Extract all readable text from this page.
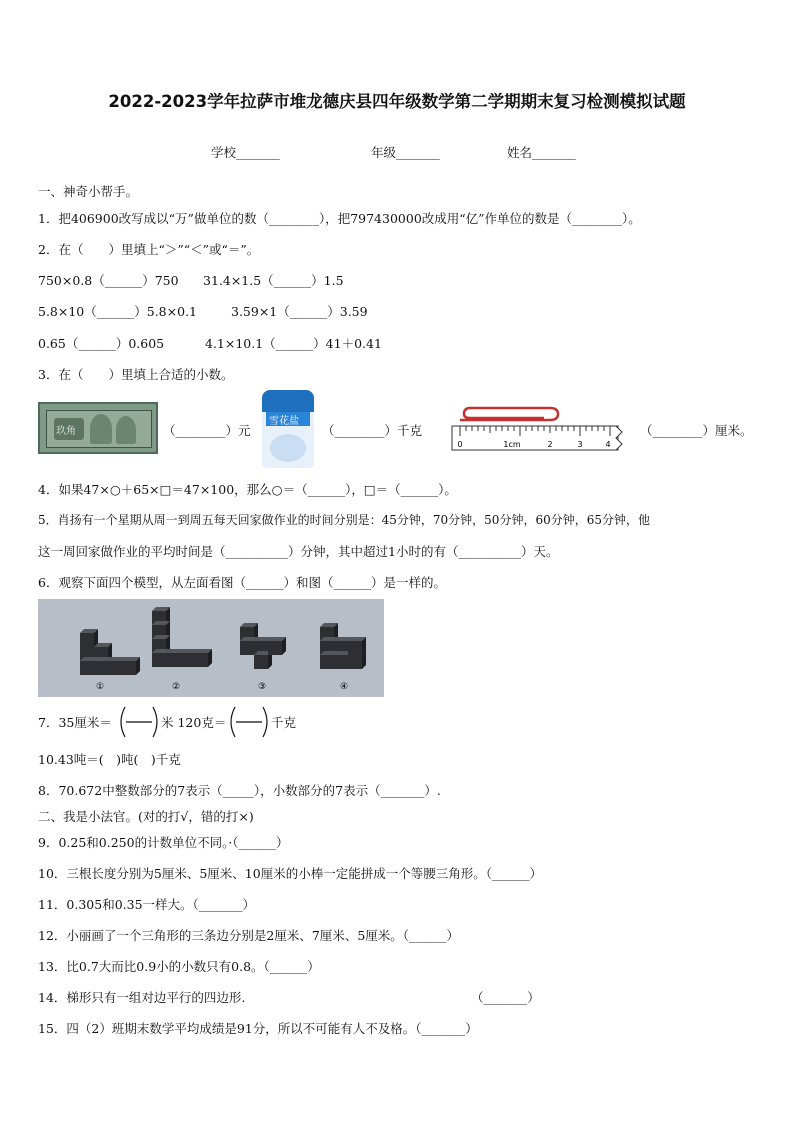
2022-2023学年拉萨市堆龙德庆县四年级数学第二学期期末复习检测模拟试题
学校_______	年级_______	姓名_______
一、神奇小帮手。
1．把406900改写成以“万”做单位的数（________），把797430000改成用“亿”作单位的数是（________）。
2．在（　　）里填上“＞”“＜”或“＝”。
750×0.8（______）750 31.4×1.5（______）1.5
5.8×10（______）5.8×0.1	3.59×1（______）3.59
0.65（______）0.605	4.1×10.1（______）41＋0.41
3．在（　　）里填上合适的小数。
玖角	（________）元
雪花盐
（________）千克
0	1cm	2	3	4
（________）厘米。
4．如果47×○＋65×□＝47×100，那么○＝（______），□＝（______）。
5．肖扬有一个星期从周一到周五每天回家做作业的时间分别是：45分钟，70分钟，50分钟，60分钟，65分钟，他
这一周回家做作业的平均时间是（__________）分钟，其中超过1小时的有（__________）天。
6．观察下面四个模型，从左面看图（______）和图（______）是一样的。
①	②	③	④
7．35厘米＝	米 120克＝	千克
10.43吨＝(　)吨(　)千克
8．70.672中整数部分的7表示（_____），小数部分的7表示（_______）.
二、我是小法官。(对的打√，错的打×)
9．0.25和0.250的计数单位不同。·（______）
10．三根长度分别为5厘米、5厘米、10厘米的小棒一定能拼成一个等腰三角形。（______）
11．0.305和0.35一样大。（_______）
12．小丽画了一个三角形的三条边分别是2厘米、7厘米、5厘米。（______）
13．比0.7大而比0.9小的小数只有0.8。（______）
14．梯形只有一组对边平行的四边形.	（_______）
15．四（2）班期末数学平均成绩是91分，所以不可能有人不及格。（_______）
